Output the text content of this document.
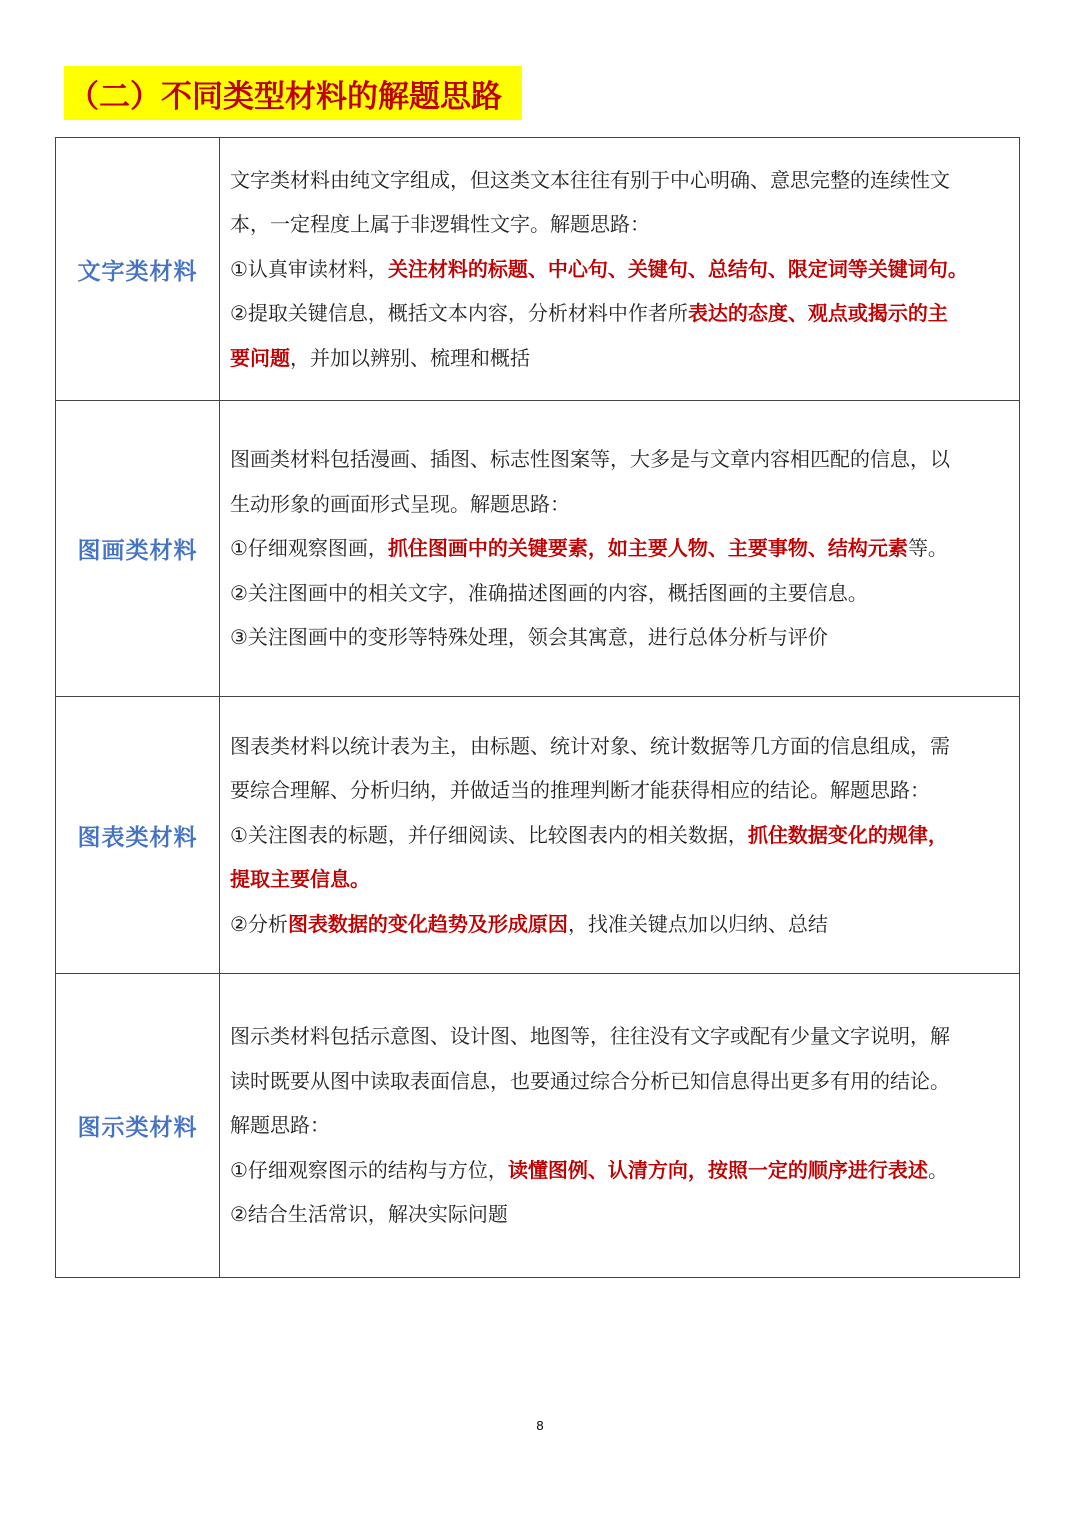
（二）不同类型材料的解题思路
文字类材料	文字类材料由纯文字组成，但这类文本往往有别于中心明确、意思完整的连续性文
本，一定程度上属于非逻辑性文字。解题思路：
①认真审读材料，关注材料的标题、中心句、关键句、总结句、限定词等关键词句。
②提取关键信息，概括文本内容，分析材料中作者所表达的态度、观点或揭示的主
要问题，并加以辨别、梳理和概括

图画类材料	图画类材料包括漫画、插图、标志性图案等，大多是与文章内容相匹配的信息，以
生动形象的画面形式呈现。解题思路：
①仔细观察图画，抓住图画中的关键要素，如主要人物、主要事物、结构元素等。
②关注图画中的相关文字，准确描述图画的内容，概括图画的主要信息。
③关注图画中的变形等特殊处理，领会其寓意，进行总体分析与评价

图表类材料	图表类材料以统计表为主，由标题、统计对象、统计数据等几方面的信息组成，需
要综合理解、分析归纳，并做适当的推理判断才能获得相应的结论。解题思路：
①关注图表的标题，并仔细阅读、比较图表内的相关数据，抓住数据变化的规律，
提取主要信息。
②分析图表数据的变化趋势及形成原因，找准关键点加以归纳、总结

图示类材料	图示类材料包括示意图、设计图、地图等，往往没有文字或配有少量文字说明，解
读时既要从图中读取表面信息，也要通过综合分析已知信息得出更多有用的结论。
解题思路：
①仔细观察图示的结构与方位，读懂图例、认清方向，按照一定的顺序进行表述。
②结合生活常识，解决实际问题
8
